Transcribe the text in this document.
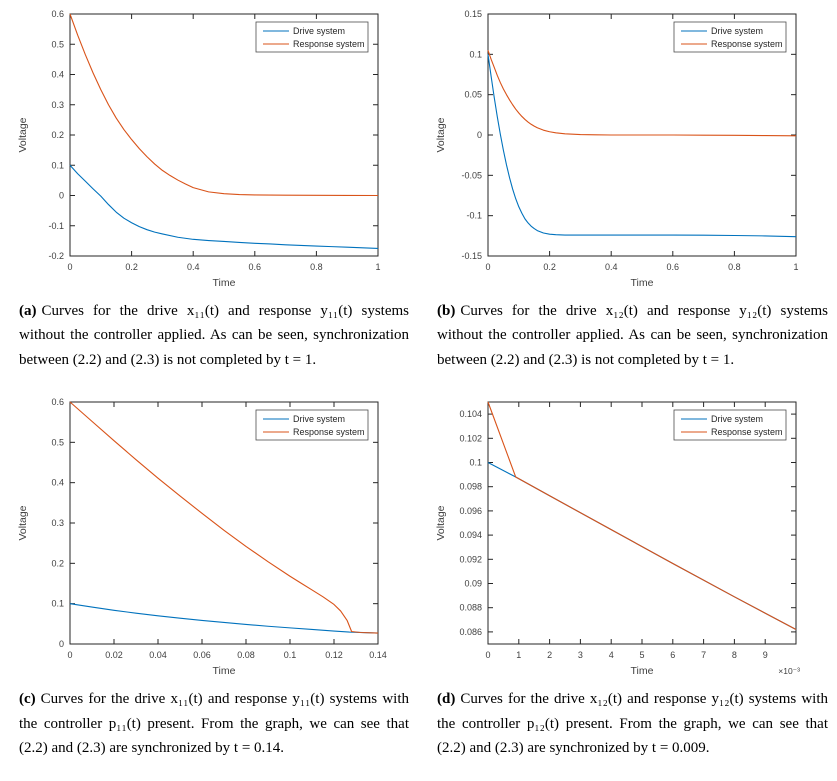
0	0.2	0.4	0.6	0.8	1
-0.2
-0.1
0
0.1
0.2
0.3
0.4
0.5
0.6
Time
Voltage
Drive system
Response system

(a) Curves for the drive x₁₁(t) and response y₁₁(t) systems without the controller applied. As can be seen, synchronization between (2.2) and (2.3) is not completed by t = 1.

0	0.2	0.4	0.6	0.8	1
-0.15
-0.1
-0.05
0
0.05
0.1
0.15
Time
Voltage
Drive system
Response system

(b) Curves for the drive x₁₂(t) and response y₁₂(t) systems without the controller applied. As can be seen, synchronization between (2.2) and (2.3) is not completed by t = 1.

0	0.02	0.04	0.06	0.08	0.1	0.12	0.14
0
0.1
0.2
0.3
0.4
0.5
0.6
Time
Voltage
Drive system
Response system

(c) Curves for the drive x₁₁(t) and response y₁₁(t) systems with the controller p₁₁(t) present. From the graph, we can see that (2.2) and (2.3) are synchronized by t = 0.14.

0	1	2	3	4	5	6	7	8	9
0.086
0.088
0.09
0.092
0.094
0.096
0.098
0.1
0.102
0.104
Time
Voltage
×10⁻³
Drive system
Response system

(d) Curves for the drive x₁₂(t) and response y₁₂(t) systems with the controller p₁₂(t) present. From the graph, we can see that (2.2) and (2.3) are synchronized by t = 0.009.
